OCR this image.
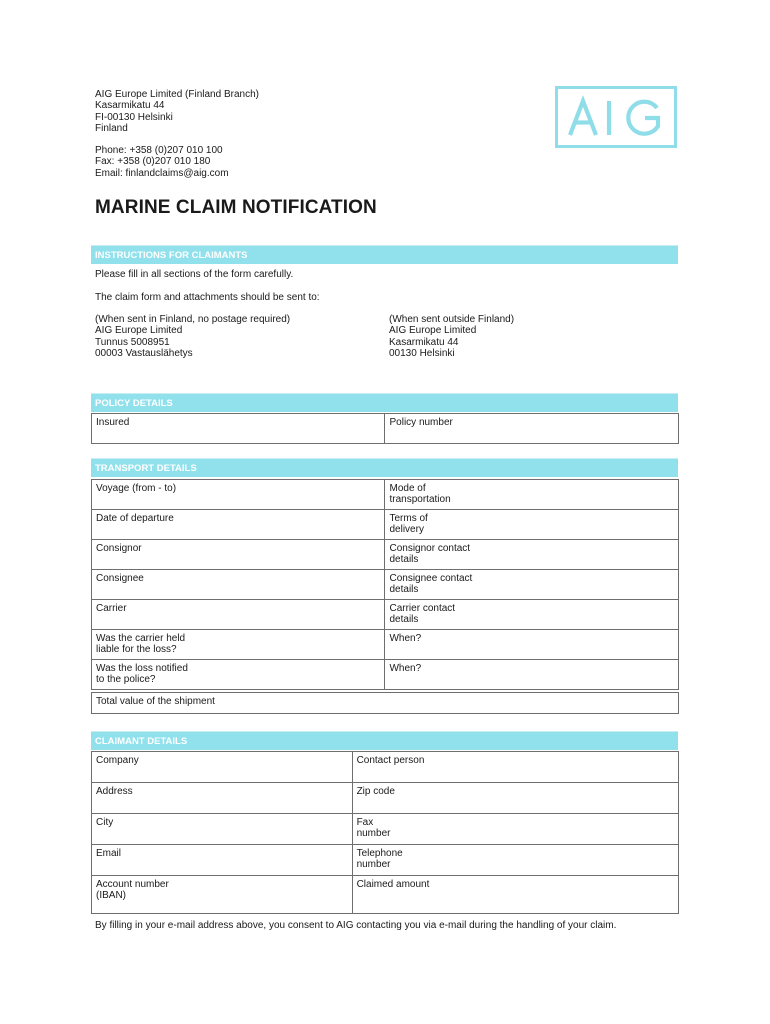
AIG Europe Limited (Finland Branch)
Kasarmikatu 44
FI-00130 Helsinki
Finland
Phone: +358 (0)207 010 100
Fax: +358 (0)207 010 180
Email: finlandclaims@aig.com
MARINE CLAIM NOTIFICATION
INSTRUCTIONS FOR CLAIMANTS
Please fill in all sections of the form carefully.
The claim form and attachments should be sent to:
(When sent in Finland, no postage required)
AIG Europe Limited
Tunnus 5008951
00003 Vastauslähetys
(When sent outside Finland)
AIG Europe Limited
Kasarmikatu 44
00130 Helsinki
POLICY DETAILS
Insured	Policy number
TRANSPORT DETAILS
Voyage (from - to)	Mode of
transportation
Date of departure	Terms of
delivery
Consignor	Consignor contact
details
Consignee	Consignee contact
details
Carrier	Carrier contact
details
Was the carrier held
liable for the loss?	When?
Was the loss notified
to the police?	When?
Total value of the shipment
CLAIMANT DETAILS
Company	Contact person
Address	Zip code
City	Fax
number
Email	Telephone
number
Account number
(IBAN)	Claimed amount
By filling in your e-mail address above, you consent to AIG contacting you via e-mail during the handling of your claim.
